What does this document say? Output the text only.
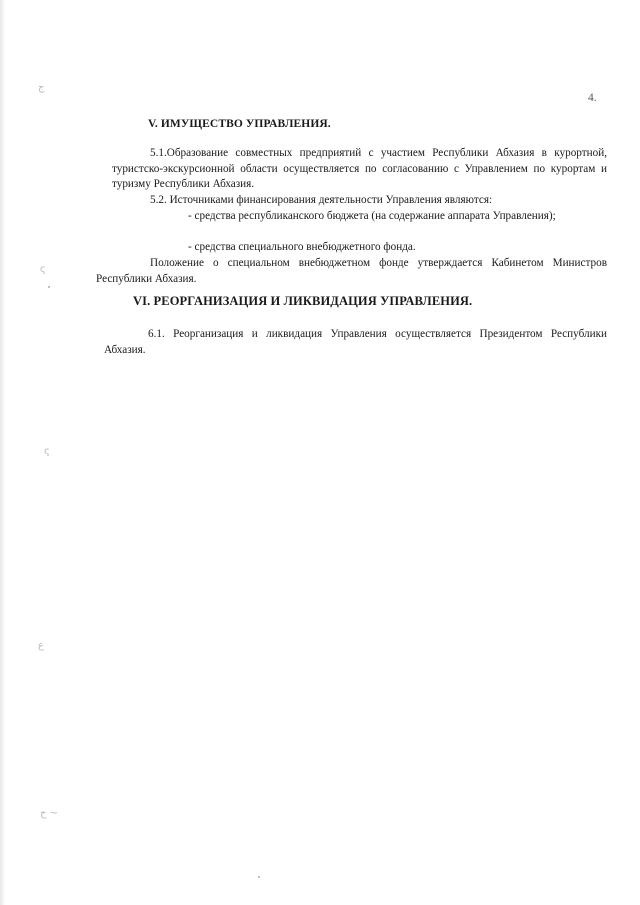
ج
ς
ς
ع
ح ~
4.
V. ИМУЩЕСТВО УПРАВЛЕНИЯ.
5.1.Образование совместных предприятий с участием Республики Абхазия в курортной, туристско-экскурсионной области осуществляется по согласованию с Управлением по курортам и туризму Республики Абхазия.
5.2. Источниками финансирования деятельности Управления являются:
- средства республиканского бюджета (на содержание аппарата Управления);
- средства специального внебюджетного фонда.
Положение о специальном внебюджетном фонде утверждается Кабинетом Министров Республики Абхазия.
VI. РЕОРГАНИЗАЦИЯ И ЛИКВИДАЦИЯ УПРАВЛЕНИЯ.
6.1. Реорганизация и ликвидация Управления осуществляется Президентом Республики Абхазия.
